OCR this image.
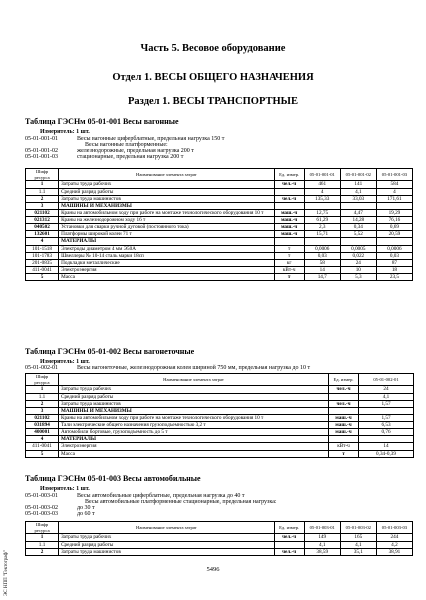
Часть 5. Весовое оборудование
Отдел 1. ВЕСЫ ОБЩЕГО НАЗНАЧЕНИЯ
Раздел 1. ВЕСЫ ТРАНСПОРТНЫЕ
Таблица ГЭСНм 05-01-001 Весы вагонные
Измеритель: 1 шт.
05-01-001-01	Весы вагонные циферблатные, предельная нагрузка 150 т
Весы вагонные платформенные:
05-01-001-02	железнодорожные, предельная нагрузка 200 т
05-01-001-03	стационарные, предельная нагрузка 200 т
Шифр ресурса	Наименование элемента затрат	Ед. измер.	05-01-001-01	05-01-001-02	05-01-001-03
1	Затраты труда рабочих	чел.-ч	461	141	584
1.1	Средний разряд работы		4	4,1	4
2	Затраты труда машинистов	чел.-ч	135,33	33,03	171,61
3	МАШИНЫ И МЕХАНИЗМЫ				
021102	Краны на автомобильном ходу при работе на монтаже технологического оборудования 10 т	маш.-ч	12,75	4,47	19,29
021312	Краны на железнодорожном ходу 16 т	маш.-ч	61,29	14,28	76,16
040502	Установки для сварки ручной дуговой (постоянного тока)	маш.-ч	2,3	0,34	0,69
132601	Платформы широкой колеи 71 т	маш.-ч	15,71	5,52	20,59
4	МАТЕРИАЛЫ				
101-1518	Электроды диаметром 4 мм Э50А	т	0,0006	0,0005	0,0006
101-1783	Швеллеры № 10-14 сталь марки 18сп	т	0,03	0,022	0,03
201-0835	Подкладки металлические	кг	58	24	87
411-0041	Электроэнергия	кВт-ч	14	10	18
5	Масса	т	14,7	5,3	23,5
Таблица ГЭСНм 05-01-002 Весы вагонеточные
Измеритель: 1 шт.
05-01-002-01	Весы вагонеточные, железнодорожная колея шириной 750 мм, предельная нагрузка до 10 т
Шифр ресурса	Наименование элемента затрат	Ед. измер.	05-01-002-01
1	Затраты труда рабочих	чел.-ч	24
1.1	Средний разряд работы		4,1
2	Затраты труда машинистов	чел.-ч	1,57
3	МАШИНЫ И МЕХАНИЗМЫ		
021102	Краны на автомобильном ходу при работе на монтаже технологического оборудования 10 т	маш.-ч	1,57
031894	Тали электрические общего назначения грузоподъемностью 3,2 т	маш.-ч	6,53
400001	Автомобили бортовые, грузоподъемность до 5 т	маш.-ч	0,76
4	МАТЕРИАЛЫ		
411-0041	Электроэнергия	кВт-ч	14
5	Масса	т	0,34-0,39
Таблица ГЭСНм 05-01-003 Весы автомобильные
Измеритель: 1 шт.
05-01-003-01	Весы автомобильные циферблатные, предельная нагрузка до 40 т
Весы автомобильные платформенные стационарные, предельная нагрузка:
05-01-003-02	до 30 т
05-01-003-03	до 60 т
Шифр ресурса	Наименование элемента затрат	Ед. измер.	05-01-003-01	05-01-003-02	05-01-003-03
1	Затраты труда рабочих	чел.-ч	149	165	244
1.1	Средний разряд работы		4,1	4,1	4,2
2	Затраты труда машинистов	чел.-ч	38,59	35,1	38,91
5496
ЭС НПП "Гектограф"
